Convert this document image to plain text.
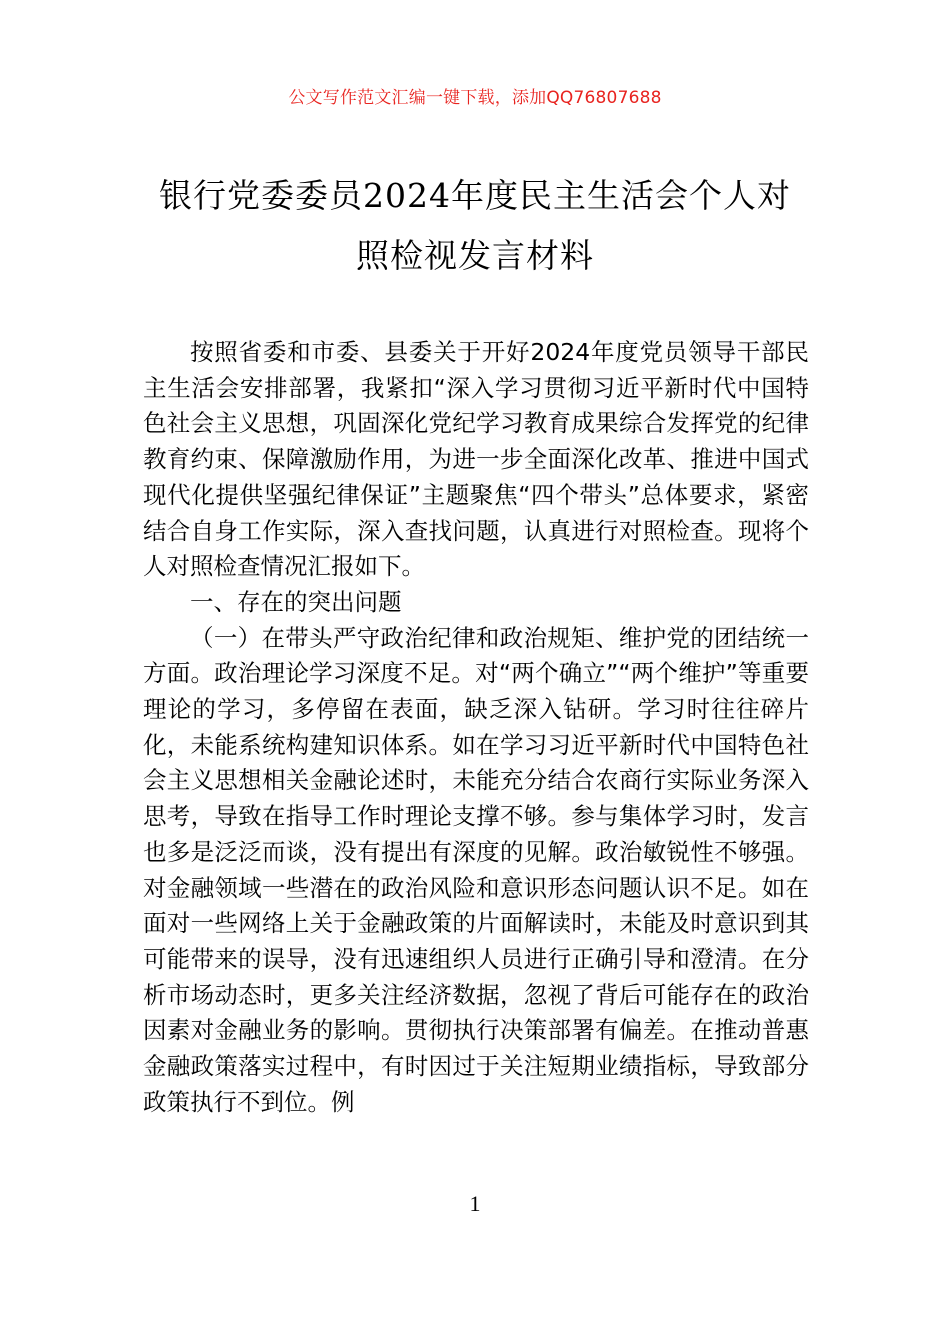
公文写作范文汇编一键下载，添加QQ76807688
银行党委委员2024年度民主生活会个人对
照检视发言材料

按照省委和市委、县委关于开好2024年度党员领导干部民主生活会安排部署，我紧扣“深入学习贯彻习近平新时代中国特色社会主义思想，巩固深化党纪学习教育成果综合发挥党的纪律教育约束、保障激励作用，为进一步全面深化改革、推进中国式现代化提供坚强纪律保证”主题聚焦“四个带头”总体要求，紧密结合自身工作实际，深入查找问题，认真进行对照检查。现将个人对照检查情况汇报如下。

一、存在的突出问题

（一）在带头严守政治纪律和政治规矩、维护党的团结统一方面。政治理论学习深度不足。对“两个确立”“两个维护”等重要理论的学习，多停留在表面，缺乏深入钻研。学习时往往碎片化，未能系统构建知识体系。如在学习习近平新时代中国特色社会主义思想相关金融论述时，未能充分结合农商行实际业务深入思考，导致在指导工作时理论支撑不够。参与集体学习时，发言也多是泛泛而谈，没有提出有深度的见解。政治敏锐性不够强。对金融领域一些潜在的政治风险和意识形态问题认识不足。如在面对一些网络上关于金融政策的片面解读时，未能及时意识到其可能带来的误导，没有迅速组织人员进行正确引导和澄清。在分析市场动态时，更多关注经济数据，忽视了背后可能存在的政治因素对金融业务的影响。贯彻执行决策部署有偏差。在推动普惠金融政策落实过程中，有时因过于关注短期业绩指标，导致部分政策执行不到位。例

1
